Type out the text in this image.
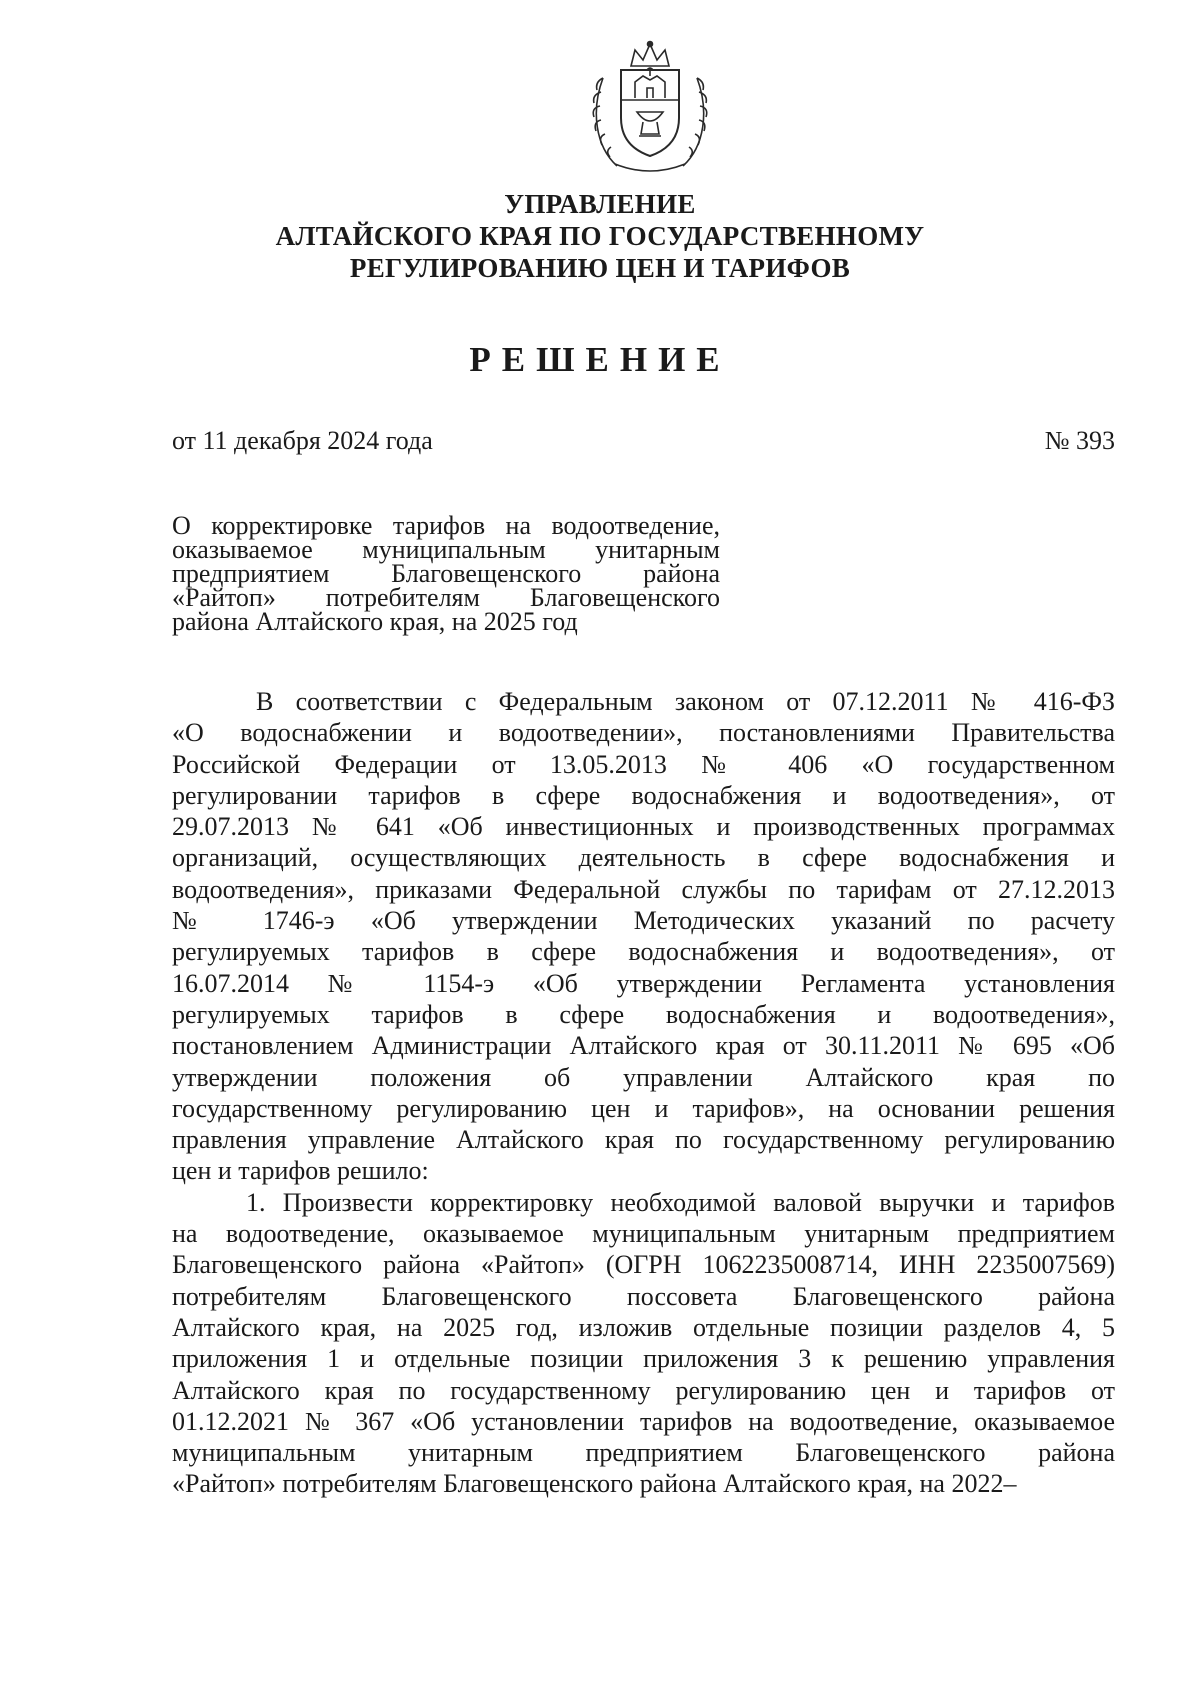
УПРАВЛЕНИЕ
АЛТАЙСКОГО КРАЯ ПО ГОСУДАРСТВЕННОМУ
РЕГУЛИРОВАНИЮ ЦЕН И ТАРИФОВ
РЕШЕНИЕ
от 11 декабря 2024 года	№ 393
О корректировке тарифов на водоотведение,
оказываемое муниципальным унитарным
предприятием Благовещенского района
«Райтоп» потребителям Благовещенского
района Алтайского края, на 2025 год
В соответствии с Федеральным законом от 07.12.2011 № 416-ФЗ
«О водоснабжении и водоотведении», постановлениями Правительства
Российской Федерации от 13.05.2013 № 406 «О государственном
регулировании тарифов в сфере водоснабжения и водоотведения», от
29.07.2013 № 641 «Об инвестиционных и производственных программах
организаций, осуществляющих деятельность в сфере водоснабжения и
водоотведения», приказами Федеральной службы по тарифам от 27.12.2013
№ 1746-э «Об утверждении Методических указаний по расчету
регулируемых тарифов в сфере водоснабжения и водоотведения», от
16.07.2014 № 1154-э «Об утверждении Регламента установления
регулируемых тарифов в сфере водоснабжения и водоотведения»,
постановлением Администрации Алтайского края от 30.11.2011 № 695 «Об
утверждении положения об управлении Алтайского края по
государственному регулированию цен и тарифов», на основании решения
правления управление Алтайского края по государственному регулированию
цен и тарифов решило:
1. Произвести корректировку необходимой валовой выручки и тарифов
на водоотведение, оказываемое муниципальным унитарным предприятием
Благовещенского района «Райтоп» (ОГРН 1062235008714, ИНН 2235007569)
потребителям Благовещенского поссовета Благовещенского района
Алтайского края, на 2025 год, изложив отдельные позиции разделов 4, 5
приложения 1 и отдельные позиции приложения 3 к решению управления
Алтайского края по государственному регулированию цен и тарифов от
01.12.2021 № 367 «Об установлении тарифов на водоотведение, оказываемое
муниципальным унитарным предприятием Благовещенского района
«Райтоп» потребителям Благовещенского района Алтайского края, на 2022–
